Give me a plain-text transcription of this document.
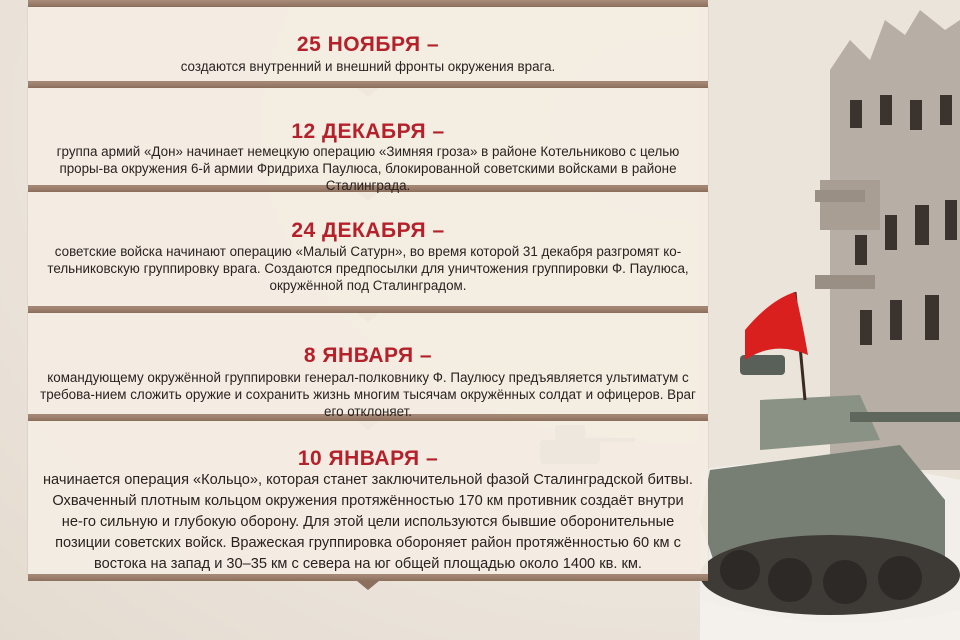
25 НОЯБРЯ –
создаются внутренний и внешний фронты окружения врага.
12 ДЕКАБРЯ –
группа армий «Дон» начинает немецкую операцию «Зимняя гроза» в районе Котельниково с целью проры-ва окружения 6-й армии Фридриха Паулюса, блокированной советскими войсками в районе Сталинграда.
24 ДЕКАБРЯ –
советские войска начинают операцию «Малый Сатурн», во время которой 31 декабря разгромят ко-тельниковскую группировку врага. Создаются предпосылки для уничтожения группировки Ф. Паулюса, окружённой под Сталинградом.
8 ЯНВАРЯ –
командующему окружённой группировки генерал-полковнику Ф. Паулюсу предъявляется ультиматум с требова-нием сложить оружие и сохранить жизнь многим тысячам окружённых солдат и офицеров. Враг его отклоняет.
10 ЯНВАРЯ –
начинается операция «Кольцо», которая станет заключительной фазой Сталинградской битвы. Охваченный плотным кольцом окружения протяжённостью 170 км противник создаёт внутри не-го сильную и глубокую оборону. Для этой цели используются бывшие оборонительные позиции советских войск. Вражеская группировка обороняет район протяжённостью 60 км с востока на запад и 30–35 км с севера на юг общей площадью около 1400 кв. км.
